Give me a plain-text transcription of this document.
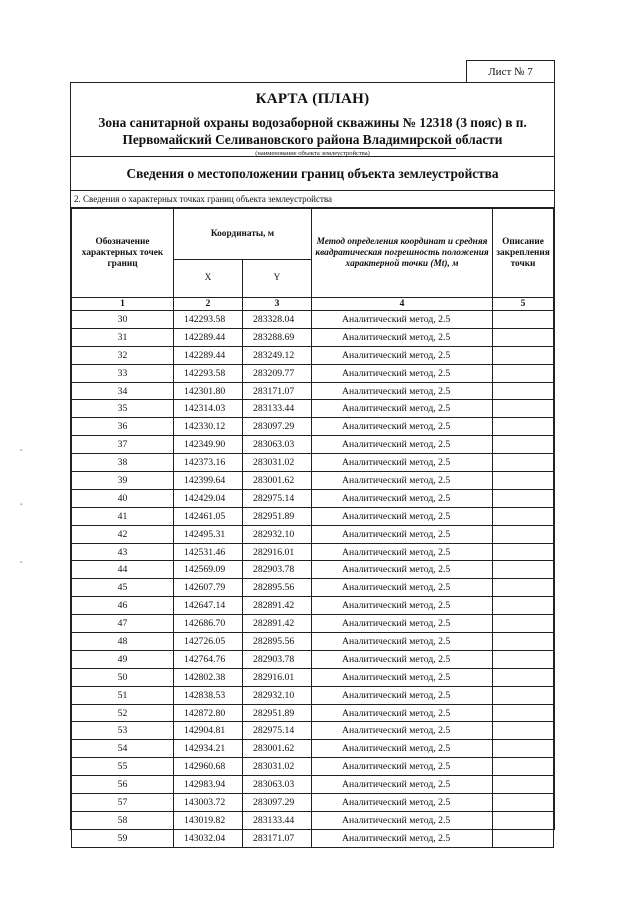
Лист № 7
˘
˘
˘
КАРТА (ПЛАН)
Зона санитарной охраны водозаборной скважины № 12318 (3 пояс) в п.
Первомайский Селивановского района Владимирской области
(наименование объекта землеустройства)
Сведения о местоположении границ объекта землеустройства
2. Сведения о характерных точках границ объекта землеустройства
Обозначение характерных точек границ	Координаты, м		Метод определения координат и средняя квадратическая погрешность положения характерной точки (Mt), м	Описание закрепления точки
	X	Y		
1	2	3	4	5
30	142293.58	283328.04	Аналитический метод, 2.5	
31	142289.44	283288.69	Аналитический метод, 2.5	
32	142289.44	283249.12	Аналитический метод, 2.5	
33	142293.58	283209.77	Аналитический метод, 2.5	
34	142301.80	283171.07	Аналитический метод, 2.5	
35	142314.03	283133.44	Аналитический метод, 2.5	
36	142330.12	283097.29	Аналитический метод, 2.5	
37	142349.90	283063.03	Аналитический метод, 2.5	
38	142373.16	283031.02	Аналитический метод, 2.5	
39	142399.64	283001.62	Аналитический метод, 2.5	
40	142429.04	282975.14	Аналитический метод, 2.5	
41	142461.05	282951.89	Аналитический метод, 2.5	
42	142495.31	282932.10	Аналитический метод, 2.5	
43	142531.46	282916.01	Аналитический метод, 2.5	
44	142569.09	282903.78	Аналитический метод, 2.5	
45	142607.79	282895.56	Аналитический метод, 2.5	
46	142647.14	282891.42	Аналитический метод, 2.5	
47	142686.70	282891.42	Аналитический метод, 2.5	
48	142726.05	282895.56	Аналитический метод, 2.5	
49	142764.76	282903.78	Аналитический метод, 2.5	
50	142802.38	282916.01	Аналитический метод, 2.5	
51	142838.53	282932.10	Аналитический метод, 2.5	
52	142872.80	282951.89	Аналитический метод, 2.5	
53	142904.81	282975.14	Аналитический метод, 2.5	
54	142934.21	283001.62	Аналитический метод, 2.5	
55	142960.68	283031.02	Аналитический метод, 2.5	
56	142983.94	283063.03	Аналитический метод, 2.5	
57	143003.72	283097.29	Аналитический метод, 2.5	
58	143019.82	283133.44	Аналитический метод, 2.5	
59	143032.04	283171.07	Аналитический метод, 2.5	
